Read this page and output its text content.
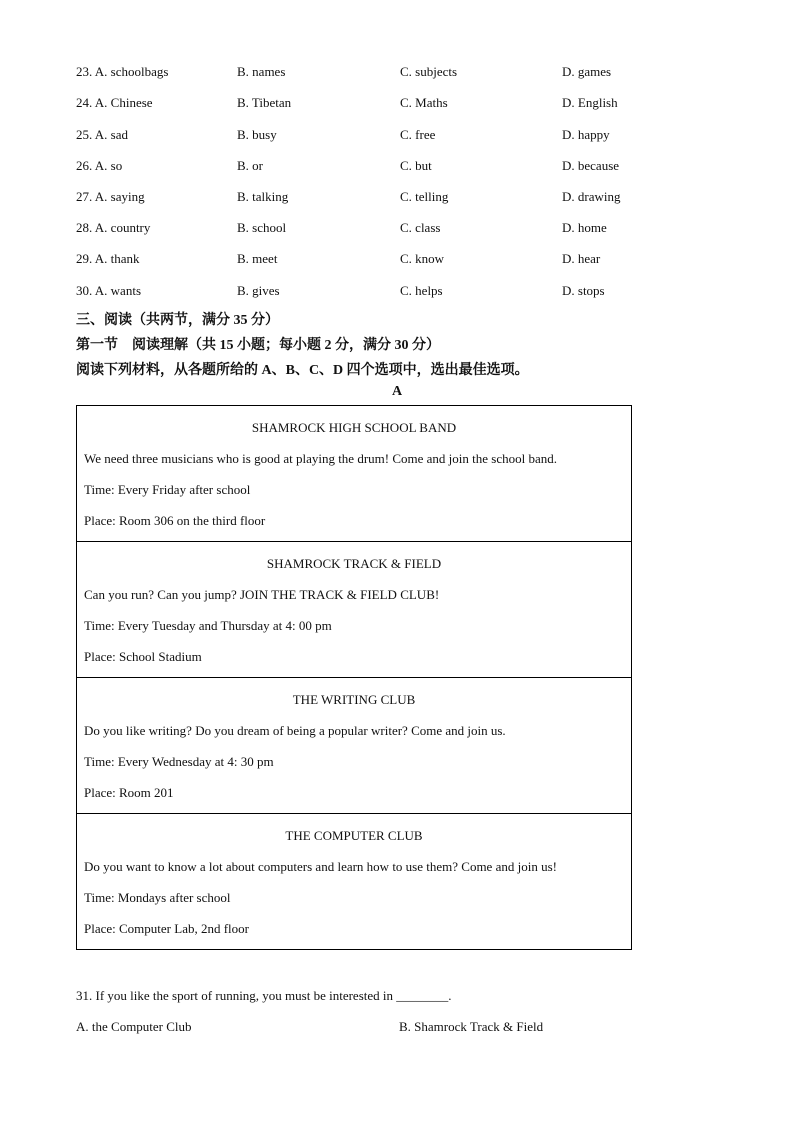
23. A. schoolbags	B. names	C. subjects	D. games
24. A. Chinese	B. Tibetan	C. Maths	D. English
25. A. sad	B. busy	C. free	D. happy
26. A. so	B. or	C. but	D. because
27. A. saying	B. talking	C. telling	D. drawing
28. A. country	B. school	C. class	D. home
29. A. thank	B. meet	C. know	D. hear
30. A. wants	B. gives	C. helps	D. stops
三、阅读（共两节，满分 35 分）
第一节　阅读理解（共 15 小题；每小题 2 分，满分 30 分）
阅读下列材料，从各题所给的 A、B、C、D 四个选项中，选出最佳选项。
A
SHAMROCK HIGH SCHOOL BAND
We need three musicians who is good at playing the drum! Come and join the school band.
Time: Every Friday after school
Place: Room 306 on the third floor
SHAMROCK TRACK & FIELD
Can you run? Can you jump? JOIN THE TRACK & FIELD CLUB!
Time: Every Tuesday and Thursday at 4: 00 pm
Place: School Stadium
THE WRITING CLUB
Do you like writing? Do you dream of being a popular writer? Come and join us.
Time: Every Wednesday at 4: 30 pm
Place: Room 201
THE COMPUTER CLUB
Do you want to know a lot about computers and learn how to use them? Come and join us!
Time: Mondays after school
Place: Computer Lab, 2nd floor
31. If you like the sport of running, you must be interested in ________.
A. the Computer Club	B. Shamrock Track & Field
